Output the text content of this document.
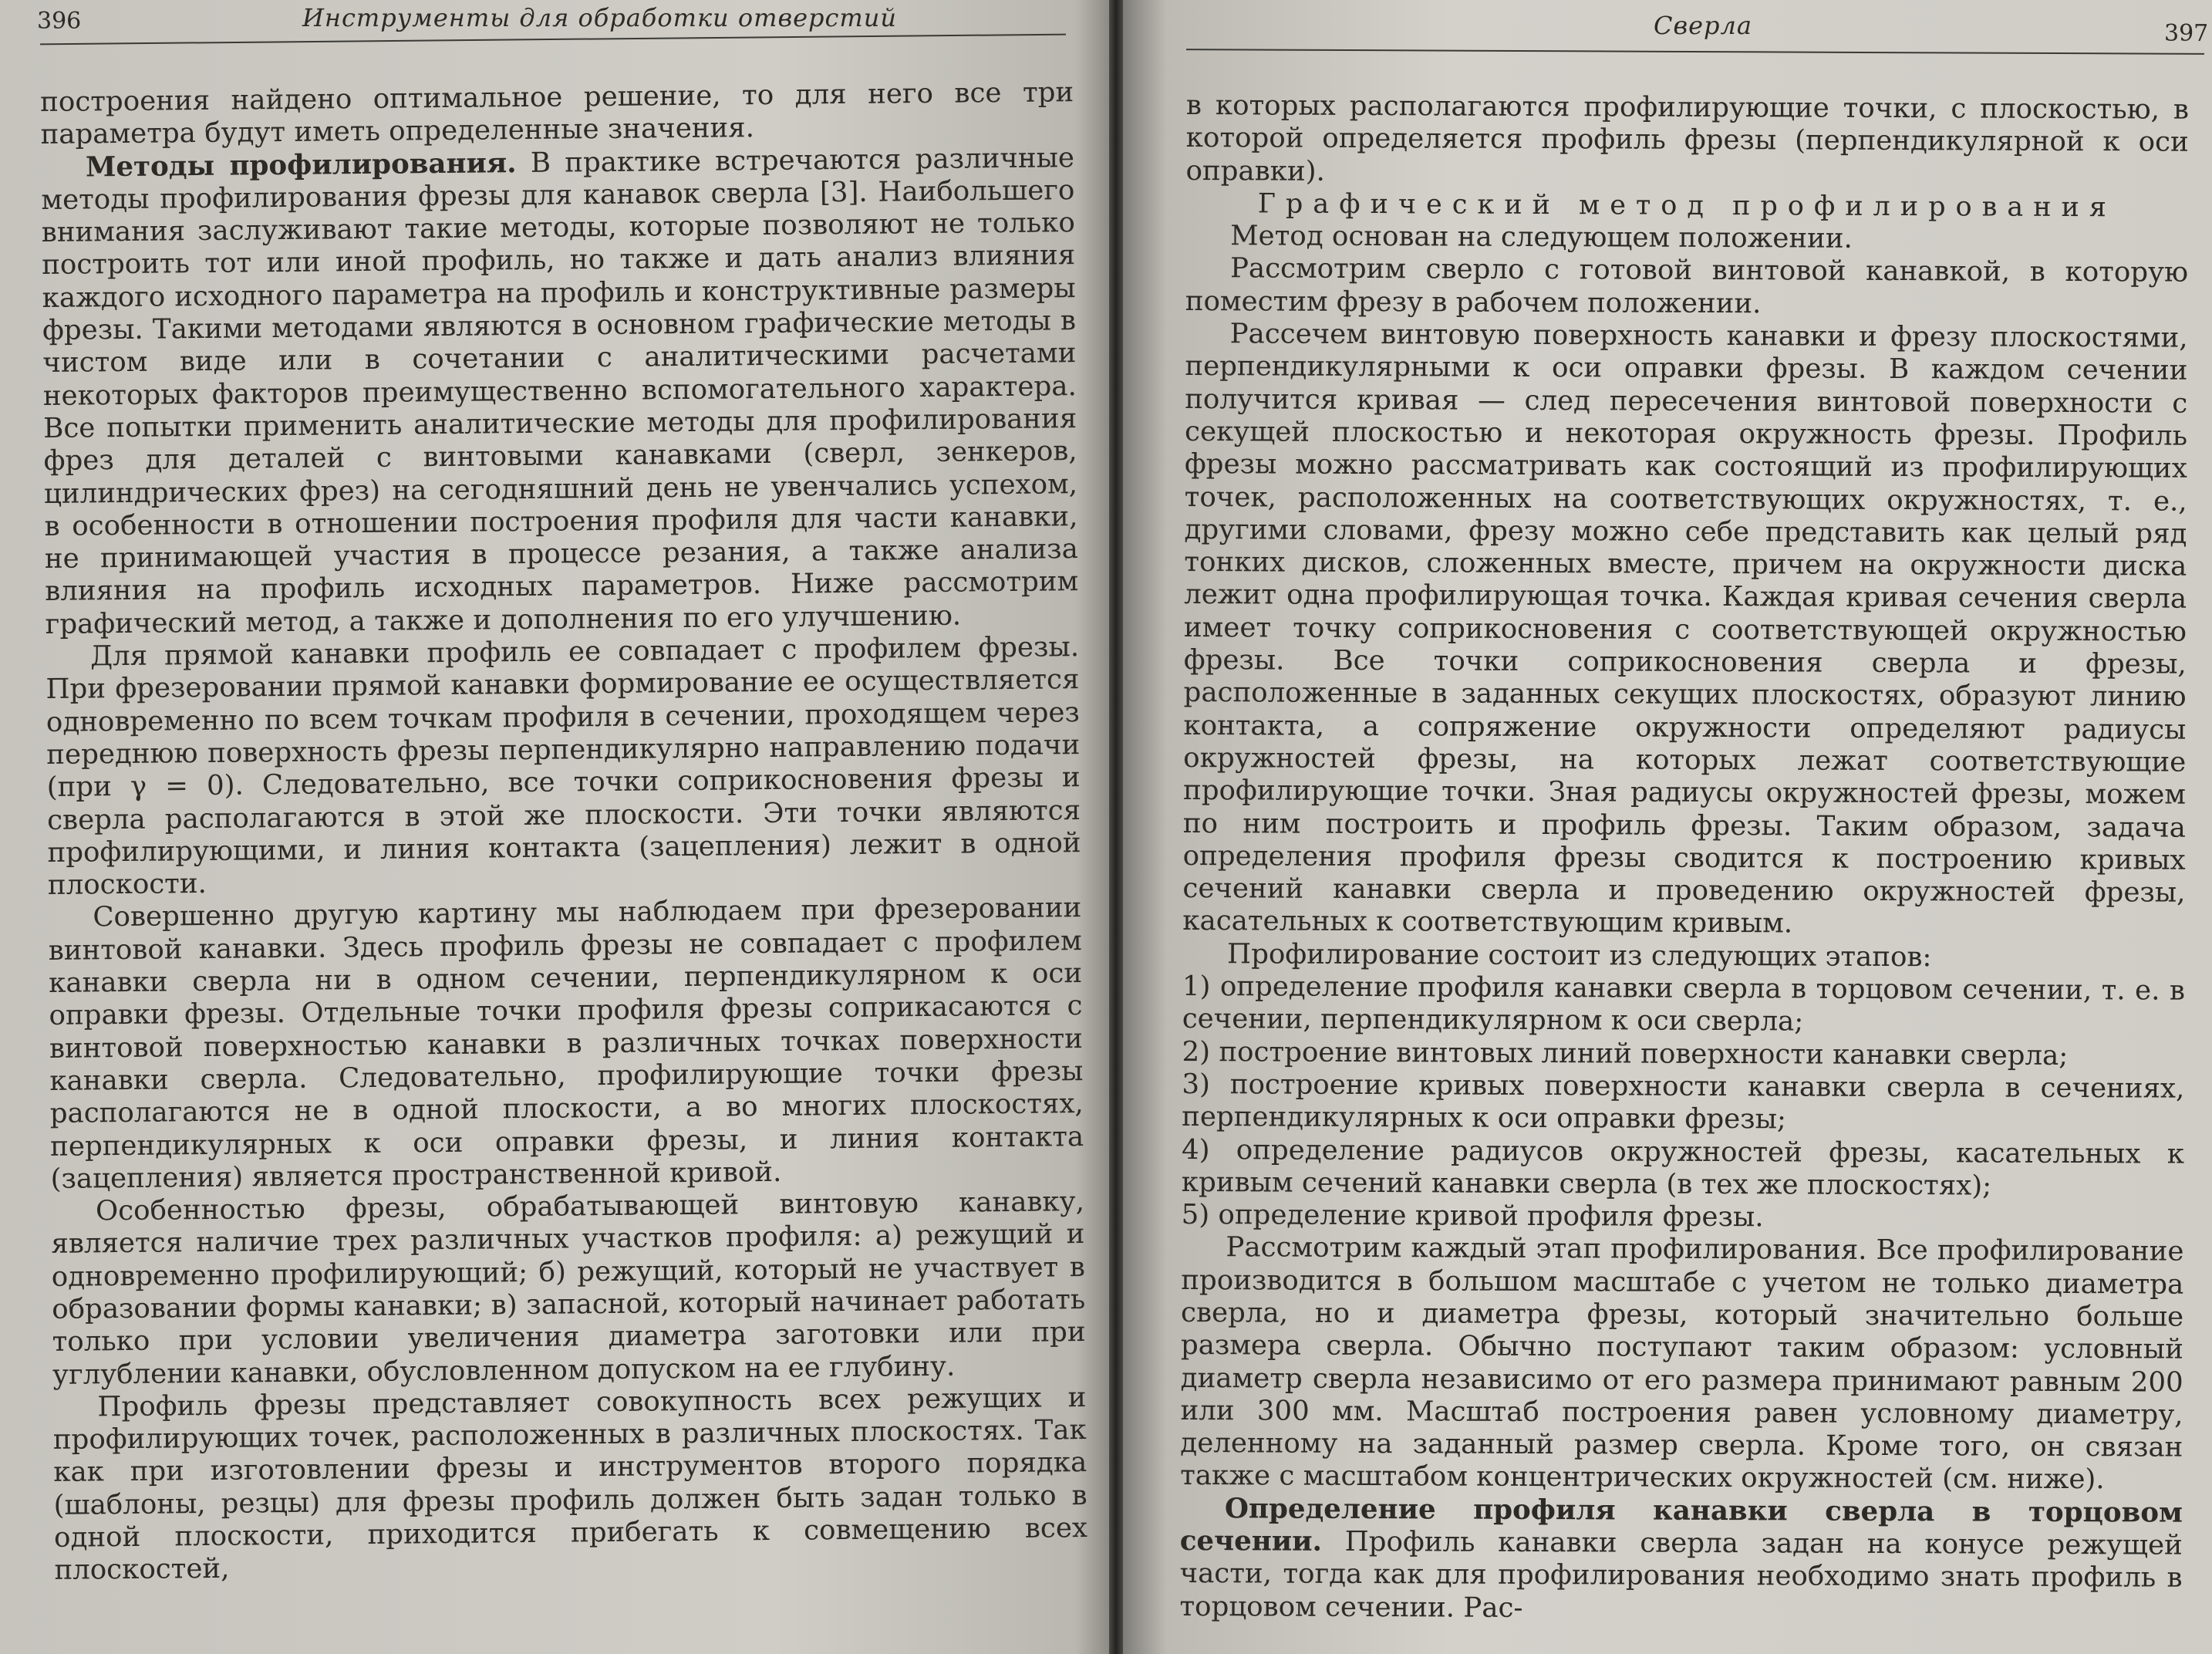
396	Инструменты для обработки отверстий

построения найдено оптимальное решение, то для него все три параметра будут иметь определенные значения.

Методы профилирования. В практике встречаются различные методы профилирования фрезы для канавок сверла [3]. Наибольшего внимания заслуживают такие методы, которые позволяют не только построить тот или иной профиль, но также и дать анализ влияния каждого исходного параметра на профиль и конструктивные размеры фрезы. Такими методами являются в основном графические методы в чистом виде или в сочетании с аналитическими расчетами некоторых факторов преимущественно вспомогательного характера. Все попытки применить аналитические методы для профилирования фрез для деталей с винтовыми канавками (сверл, зенкеров, цилиндрических фрез) на сегодняшний день не увенчались успехом, в особенности в отношении построения профиля для части канавки, не принимающей участия в процессе резания, а также анализа влияния на профиль исходных параметров. Ниже рассмотрим графический метод, а также и дополнения по его улучшению.

Для прямой канавки профиль ее совпадает с профилем фрезы. При фрезеровании прямой канавки формирование ее осуществляется одновременно по всем точкам профиля в сечении, проходящем через переднюю поверхность фрезы перпендикулярно направлению подачи (при γ = 0). Следовательно, все точки соприкосновения фрезы и сверла располагаются в этой же плоскости. Эти точки являются профилирующими, и линия контакта (зацепления) лежит в одной плоскости.

Совершенно другую картину мы наблюдаем при фрезеровании винтовой канавки. Здесь профиль фрезы не совпадает с профилем канавки сверла ни в одном сечении, перпендикулярном к оси оправки фрезы. Отдельные точки профиля фрезы соприкасаются с винтовой поверхностью канавки в различных точках поверхности канавки сверла. Следовательно, профилирующие точки фрезы располагаются не в одной плоскости, а во многих плоскостях, перпендикулярных к оси оправки фрезы, и линия контакта (зацепления) является пространственной кривой.

Особенностью фрезы, обрабатывающей винтовую канавку, является наличие трех различных участков профиля: а) режущий и одновременно профилирующий; б) режущий, который не участвует в образовании формы канавки; в) запасной, который начинает работать только при условии увеличения диаметра заготовки или при углублении канавки, обусловленном допуском на ее глубину.

Профиль фрезы представляет совокупность всех режущих и профилирующих точек, расположенных в различных плоскостях. Так как при изготовлении фрезы и инструментов второго порядка (шаблоны, резцы) для фрезы профиль должен быть задан только в одной плоскости, приходится прибегать к совмещению всех плоскостей,

Сверла	397

в которых располагаются профилирующие точки, с плоскостью, в которой определяется профиль фрезы (перпендикулярной к оси оправки).

Графический метод профилирования

Метод основан на следующем положении.

Рассмотрим сверло с готовой винтовой канавкой, в которую поместим фрезу в рабочем положении.

Рассечем винтовую поверхность канавки и фрезу плоскостями, перпендикулярными к оси оправки фрезы. В каждом сечении получится кривая — след пересечения винтовой поверхности с секущей плоскостью и некоторая окружность фрезы. Профиль фрезы можно рассматривать как состоящий из профилирующих точек, расположенных на соответствующих окружностях, т. е., другими словами, фрезу можно себе представить как целый ряд тонких дисков, сложенных вместе, причем на окружности диска лежит одна профилирующая точка. Каждая кривая сечения сверла имеет точку соприкосновения с соответствующей окружностью фрезы. Все точки соприкосновения сверла и фрезы, расположенные в заданных секущих плоскостях, образуют линию контакта, а сопряжение окружности определяют радиусы окружностей фрезы, на которых лежат соответствующие профилирующие точки. Зная радиусы окружностей фрезы, можем по ним построить и профиль фрезы. Таким образом, задача определения профиля фрезы сводится к построению кривых сечений канавки сверла и проведению окружностей фрезы, касательных к соответствующим кривым.

Профилирование состоит из следующих этапов:

1) определение профиля канавки сверла в торцовом сечении, т. е. в сечении, перпендикулярном к оси сверла;

2) построение винтовых линий поверхности канавки сверла;

3) построение кривых поверхности канавки сверла в сечениях, перпендикулярных к оси оправки фрезы;

4) определение радиусов окружностей фрезы, касательных к кривым сечений канавки сверла (в тех же плоскостях);

5) определение кривой профиля фрезы.

Рассмотрим каждый этап профилирования. Все профилирование производится в большом масштабе с учетом не только диаметра сверла, но и диаметра фрезы, который значительно больше размера сверла. Обычно поступают таким образом: условный диаметр сверла независимо от его размера принимают равным 200 или 300 мм. Масштаб построения равен условному диаметру, деленному на заданный размер сверла. Кроме того, он связан также с масштабом концентрических окружностей (см. ниже).

Определение профиля канавки сверла в торцовом сечении. Профиль канавки сверла задан на конусе режущей части, тогда как для профилирования необходимо знать профиль в торцовом сечении. Рас-
